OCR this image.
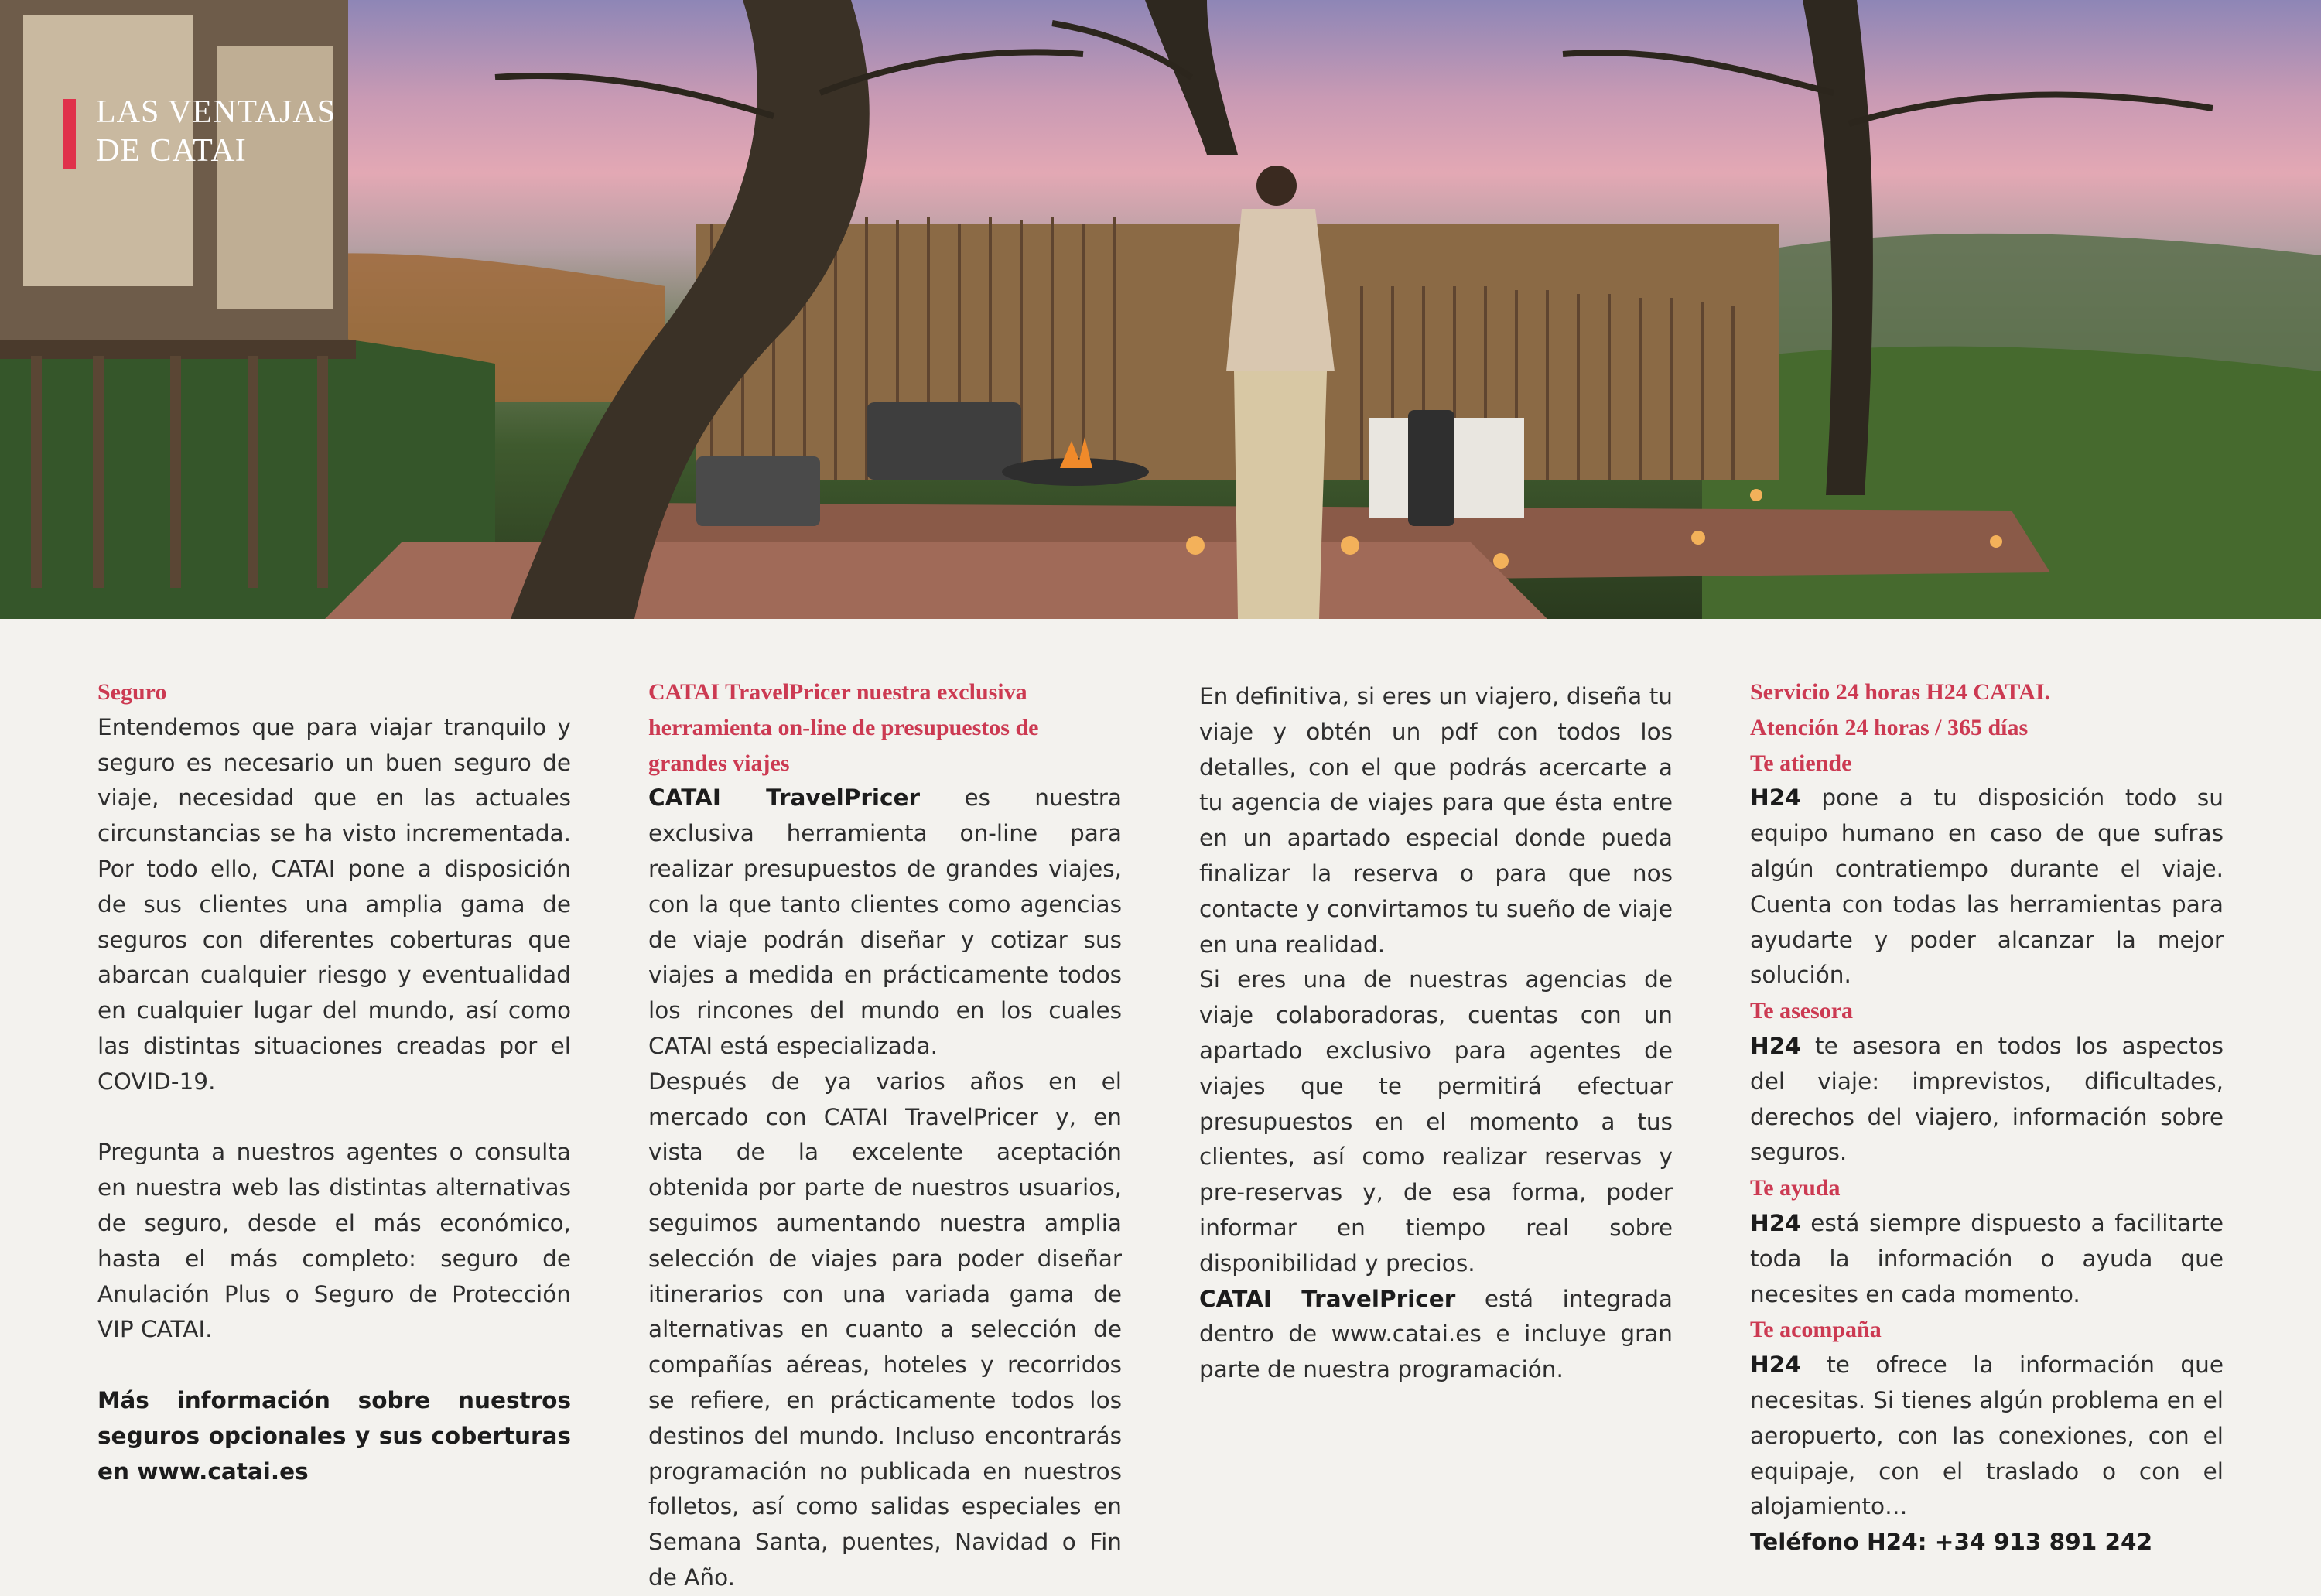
LAS VENTAJAS
DE CATAI
Seguro

Entendemos que para viajar tranquilo y seguro es necesario un buen seguro de viaje, necesidad que en las actuales circunstancias se ha visto incrementada. Por todo ello, CATAI pone a disposición de sus clientes una amplia gama de seguros con diferentes coberturas que abarcan cualquier riesgo y eventualidad en cualquier lugar del mundo, así como las distintas situaciones creadas por el COVID-19.

Pregunta a nuestros agentes o consulta en nuestra web las distintas alternativas de seguro, desde el más económico, hasta el más completo: seguro de Anulación Plus o Seguro de Protección VIP CATAI.

Más información sobre nuestros seguros opcionales y sus coberturas en www.catai.es

CATAI TravelPricer nuestra exclusiva herramienta on-line de presupuestos de grandes viajes

CATAI TravelPricer es nuestra exclusiva herramienta on-line para realizar presupuestos de grandes viajes, con la que tanto clientes como agencias de viaje podrán diseñar y cotizar sus viajes a medida en prácticamente todos los rincones del mundo en los cuales CATAI está especializada.

Después de ya varios años en el mercado con CATAI TravelPricer y, en vista de la excelente aceptación obtenida por parte de nuestros usuarios, seguimos aumentando nuestra amplia selección de viajes para poder diseñar itinerarios con una variada gama de alternativas en cuanto a selección de compañías aéreas, hoteles y recorridos se refiere, en prácticamente todos los destinos del mundo. Incluso encontrarás programación no publicada en nuestros folletos, así como salidas especiales en Semana Santa, puentes, Navidad o Fin de Año.

En definitiva, si eres un viajero, diseña tu viaje y obtén un pdf con todos los detalles, con el que podrás acercarte a tu agencia de viajes para que ésta entre en un apartado especial donde pueda finalizar la reserva o para que nos contacte y convirtamos tu sueño de viaje en una realidad.

Si eres una de nuestras agencias de viaje colaboradoras, cuentas con un apartado exclusivo para agentes de viajes que te permitirá efectuar presupuestos en el momento a tus clientes, así como realizar reservas y pre-reservas y, de esa forma, poder informar en tiempo real sobre disponibilidad y precios.

CATAI TravelPricer está integrada dentro de www.catai.es e incluye gran parte de nuestra programación.

Servicio 24 horas H24 CATAI.
Atención 24 horas / 365 días
Te atiende

H24 pone a tu disposición todo su equipo humano en caso de que sufras algún contratiempo durante el viaje. Cuenta con todas las herramientas para ayudarte y poder alcanzar la mejor solución.

Te asesora

H24 te asesora en todos los aspectos del viaje: imprevistos, dificultades, derechos del viajero, información sobre seguros.

Te ayuda

H24 está siempre dispuesto a facilitarte toda la información o ayuda que necesites en cada momento.

Te acompaña

H24 te ofrece la información que necesitas. Si tienes algún problema en el aeropuerto, con las conexiones, con el equipaje, con el traslado o con el alojamiento…

Teléfono H24: +34 913 891 242
